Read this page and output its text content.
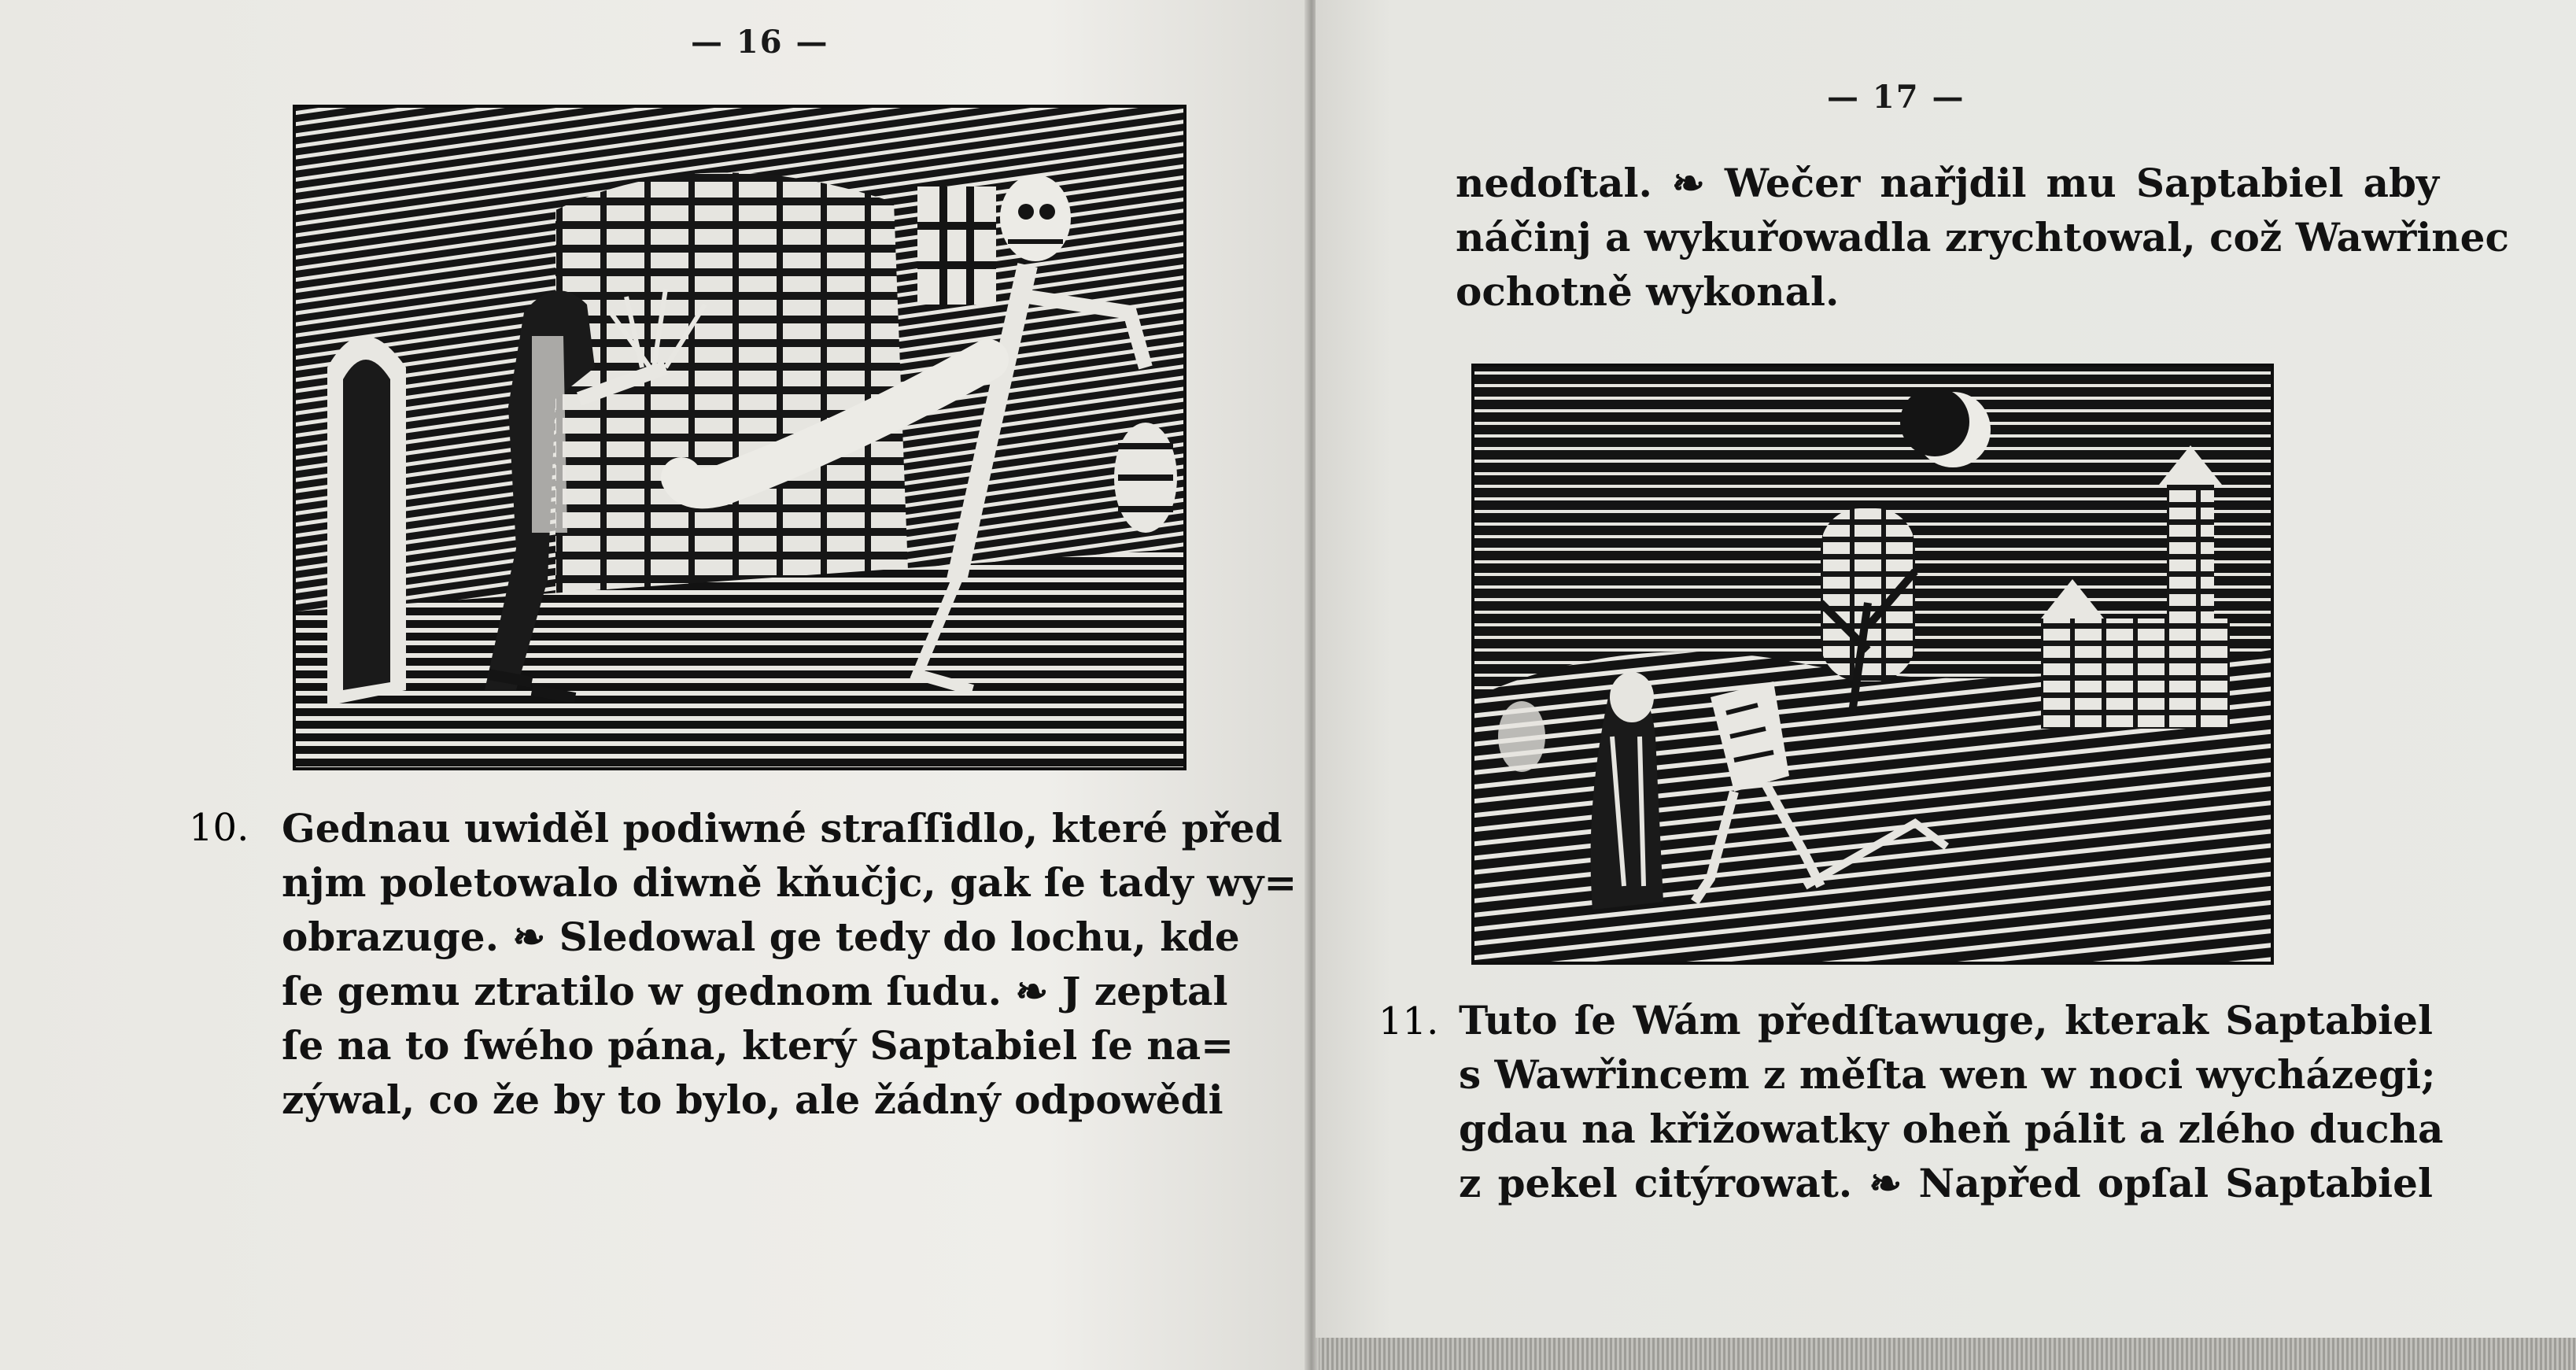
— 16 —
10. Gednau uwiděl podiwné straſſidlo, které před
njm poletowalo diwně kňučjc, gak ſe tady wy=
obrazuge. ❧ Sledowal ge tedy do lochu, kde
ſe gemu ztratilo w gednom ſudu. ❧ J zeptal
ſe na to ſwého pána, který Saptabiel ſe na=
zýwal, co že by to bylo, ale žádný odpowědi
— 17 —
nedoſtal. ❧ Wečer nařjdil mu Saptabiel aby
náčinj a wykuřowadla zrychtowal, což Wawřinec
ochotně wykonal.
11. Tuto ſe Wám předſtawuge, kterak Saptabiel
s Wawřincem z měſta wen w noci wycházegi;
gdau na křižowatky oheň pálit a zlého ducha
z pekel citýrowat. ❧ Napřed opſal Saptabiel
